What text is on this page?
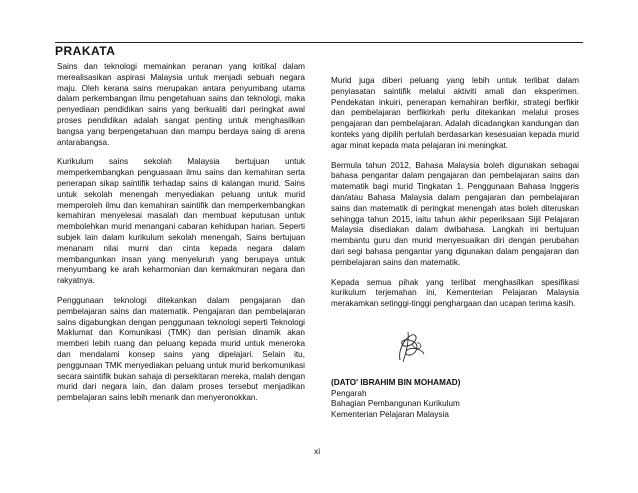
PRAKATA

Sains dan teknologi memainkan peranan yang kritikal dalam merealisasikan aspirasi Malaysia untuk menjadi sebuah negara maju. Oleh kerana sains merupakan antara penyumbang utama dalam perkembangan ilmu pengetahuan sains dan teknologi, maka penyediaan pendidikan sains yang berkualiti dari peringkat awal proses pendidikan adalah sangat penting untuk menghasilkan bangsa yang berpengetahuan dan mampu berdaya saing di arena antarabangsa.

Kurikulum sains sekolah Malaysia bertujuan untuk memperkembangkan penguasaan ilmu sains dan kemahiran serta penerapan sikap saintifik terhadap sains di kalangan murid. Sains untuk sekolah menengah menyediakan peluang untuk murid memperoleh ilmu dan kemahiran saintifik dan memperkembangkan kemahiran menyelesai masalah dan membuat keputusan untuk membolehkan murid menangani cabaran kehidupan harian. Seperti subjek lain dalam kurikulum sekolah menengah, Sains bertujuan menanam nilai murni dan cinta kepada negara dalam membangunkan insan yang menyeluruh yang berupaya untuk menyumbang ke arah keharmonian dan kemakmuran negara dan rakyatnya.

Penggunaan teknologi ditekankan dalam pengajaran dan pembelajaran sains dan matematik. Pengajaran dan pembelajaran sains digabungkan dengan penggunaan teknologi seperti Teknologi Maklumat dan Komunikasi (TMK) dan perisian dinamik akan memberi lebih ruang dan peluang kepada murid untuk meneroka dan mendalami konsep sains yang dipelajari. Selain itu, penggunaan TMK menyediakan peluang untuk murid berkomunikasi secara saintifik bukan sahaja di persekitaran mereka, malah dengan murid dari negara lain, dan dalam proses tersebut menjadikan pembelajaran sains lebih menarik dan menyeronokkan.

Murid juga diberi peluang yang lebih untuk terlibat dalam penyiasatan saintifik melalui aktiviti amali dan eksperimen. Pendekatan inkuiri, penerapan kemahiran berfikir, strategi berfikir dan pembelajaran berfikirkah perlu ditekankan melalui proses pengajaran dan pembelajaran. Adalah dicadangkan kandungan dan konteks yang dipilih perlulah berdasarkan kesesuaian kepada murid agar minat kepada mata pelajaran ini meningkat.

Bermula tahun 2012, Bahasa Malaysia boleh digunakan sebagai bahasa pengantar dalam pengajaran dan pembelajaran sains dan matematik bagi murid Tingkatan 1. Penggunaan Bahasa Inggeris dan/atau Bahasa Malaysia dalam pengajaran dan pembelajaran sains dan matematik di peringkat menengah atas boleh diteruskan sehingga tahun 2015, iaitu tahun akhir peperiksaan Sijil Pelajaran Malaysia disediakan dalam dwibahasa. Langkah ini bertujuan membantu guru dan murid menyesuaikan diri dengan perubahan dari segi bahasa pengantar yang digunakan dalam pengajaran dan pembelajaran sains dan matematik.

Kepada semua pihak yang terlibat menghasilkan spesifikasi kurikulum terjemahan ini, Kementerian Pelajaran Malaysia merakamkan setinggi-tinggi penghargaan dan ucapan terima kasih.

(DATO' IBRAHIM BIN MOHAMAD)
Pengarah
Bahagian Pembangunan Kurikulum
Kementerian Pelajaran Malaysia
xi
